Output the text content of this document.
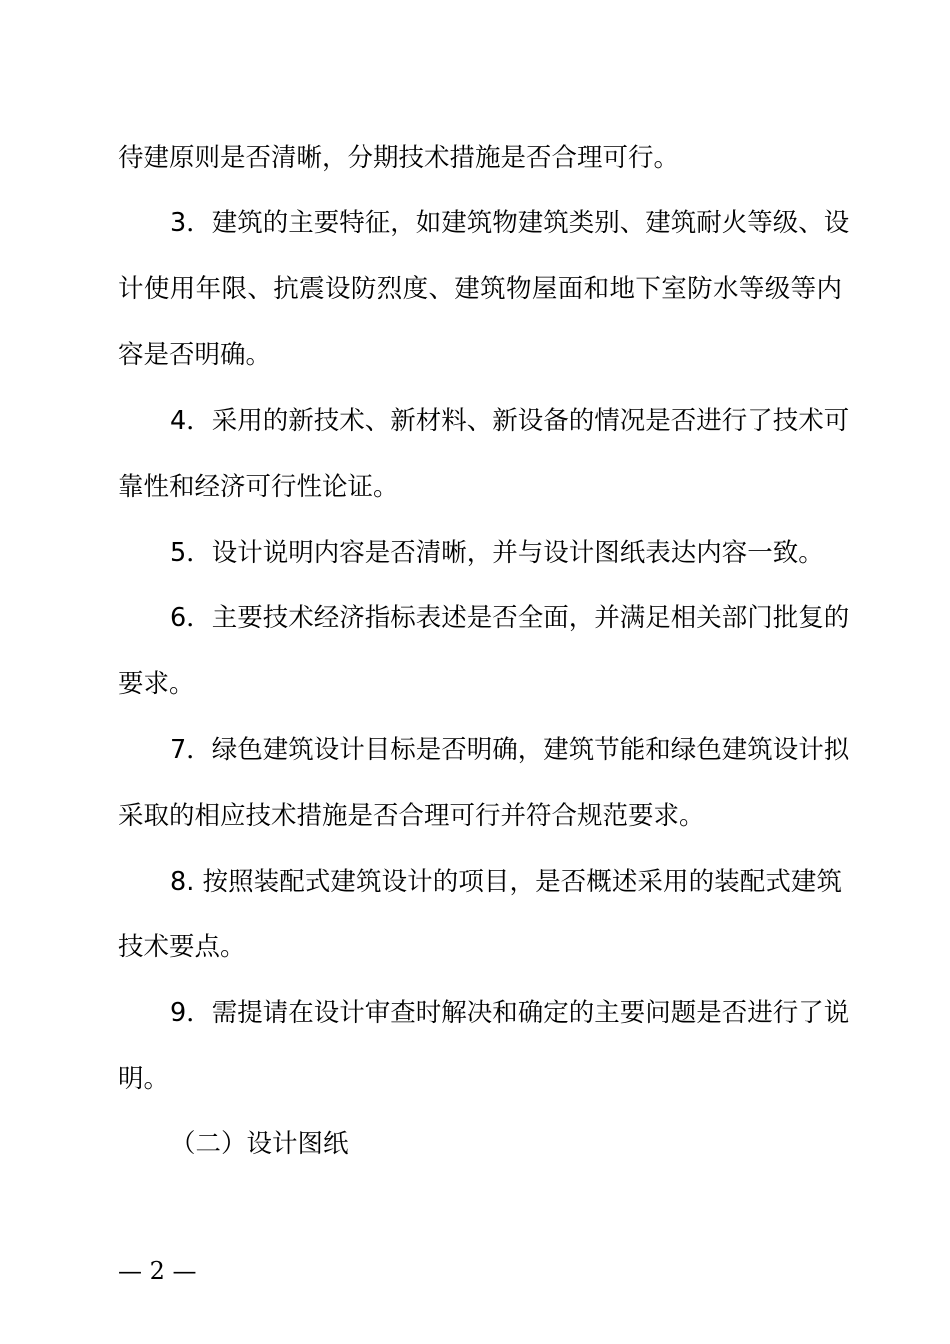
待建原则是否清晰，分期技术措施是否合理可行。
3．建筑的主要特征，如建筑物建筑类别、建筑耐火等级、设
计使用年限、抗震设防烈度、建筑物屋面和地下室防水等级等内
容是否明确。
4．采用的新技术、新材料、新设备的情况是否进行了技术可
靠性和经济可行性论证。
5．设计说明内容是否清晰，并与设计图纸表达内容一致。
6．主要技术经济指标表述是否全面，并满足相关部门批复的
要求。
7．绿色建筑设计目标是否明确，建筑节能和绿色建筑设计拟
采取的相应技术措施是否合理可行并符合规范要求。
8. 按照装配式建筑设计的项目，是否概述采用的装配式建筑
技术要点。
9．需提请在设计审查时解决和确定的主要问题是否进行了说
明。
（二）设计图纸
— 2 —
